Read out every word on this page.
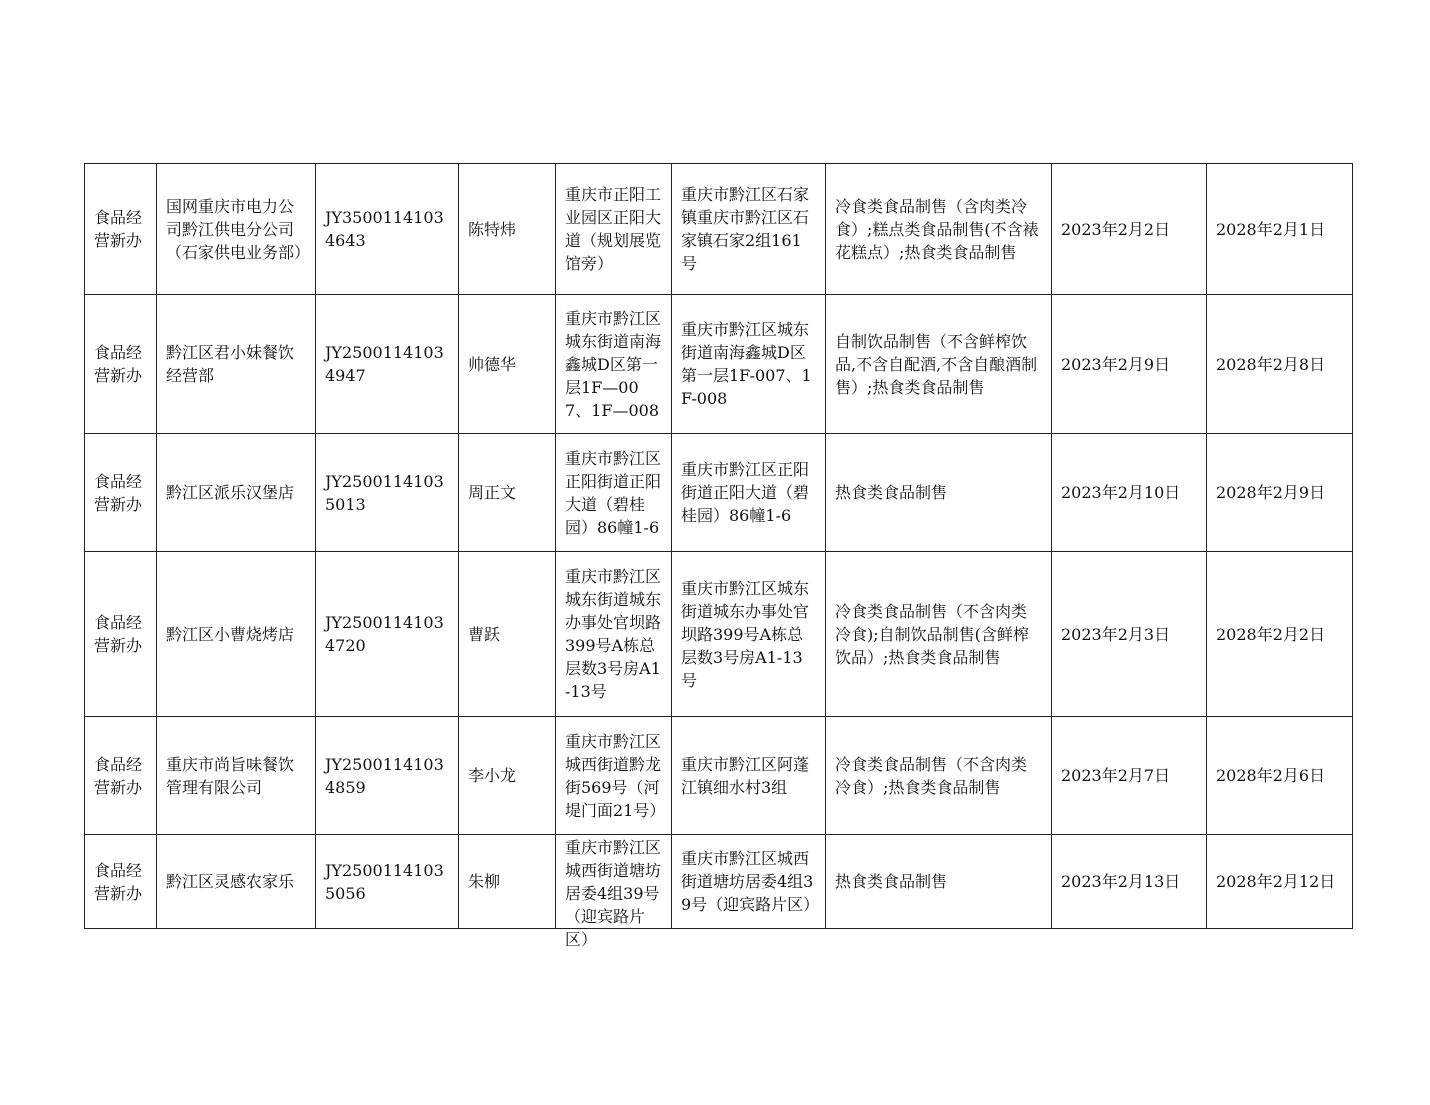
食品经营新办	国网重庆市电力公司黔江供电分公司（石家供电业务部）	JY35001141034643	陈特炜	重庆市正阳工业园区正阳大道（规划展览馆旁）	重庆市黔江区石家镇重庆市黔江区石家镇石家2组161号	冷食类食品制售（含肉类冷食）;糕点类食品制售(不含裱花糕点）;热食类食品制售	2023年2月2日	2028年2月1日

食品经营新办	黔江区君小妹餐饮经营部	JY25001141034947	帅德华	重庆市黔江区城东街道南海鑫城D区第一层1F—007、1F—008	重庆市黔江区城东街道南海鑫城D区第一层1F-007、1F-008	自制饮品制售（不含鲜榨饮品,不含自配酒,不含自酿酒制售）;热食类食品制售	2023年2月9日	2028年2月8日

食品经营新办	黔江区派乐汉堡店	JY25001141035013	周正文	重庆市黔江区正阳街道正阳大道（碧桂园）86幢1-6	重庆市黔江区正阳街道正阳大道（碧桂园）86幢1-6	热食类食品制售	2023年2月10日	2028年2月9日

食品经营新办	黔江区小曹烧烤店	JY25001141034720	曹跃	重庆市黔江区城东街道城东办事处官坝路399号A栋总层数3号房A1-13号	重庆市黔江区城东街道城东办事处官坝路399号A栋总层数3号房A1-13号	冷食类食品制售（不含肉类冷食);自制饮品制售(含鲜榨饮品）;热食类食品制售	2023年2月3日	2028年2月2日

食品经营新办	重庆市尚旨味餐饮管理有限公司	JY25001141034859	李小龙	重庆市黔江区城西街道黔龙街569号（河堤门面21号）	重庆市黔江区阿蓬江镇细水村3组	冷食类食品制售（不含肉类冷食）;热食类食品制售	2023年2月7日	2028年2月6日

食品经营新办	黔江区灵感农家乐	JY25001141035056	朱柳	重庆市黔江区城西街道塘坊居委4组39号（迎宾路片区）	重庆市黔江区城西街道塘坊居委4组39号（迎宾路片区）	热食类食品制售	2023年2月13日	2028年2月12日
